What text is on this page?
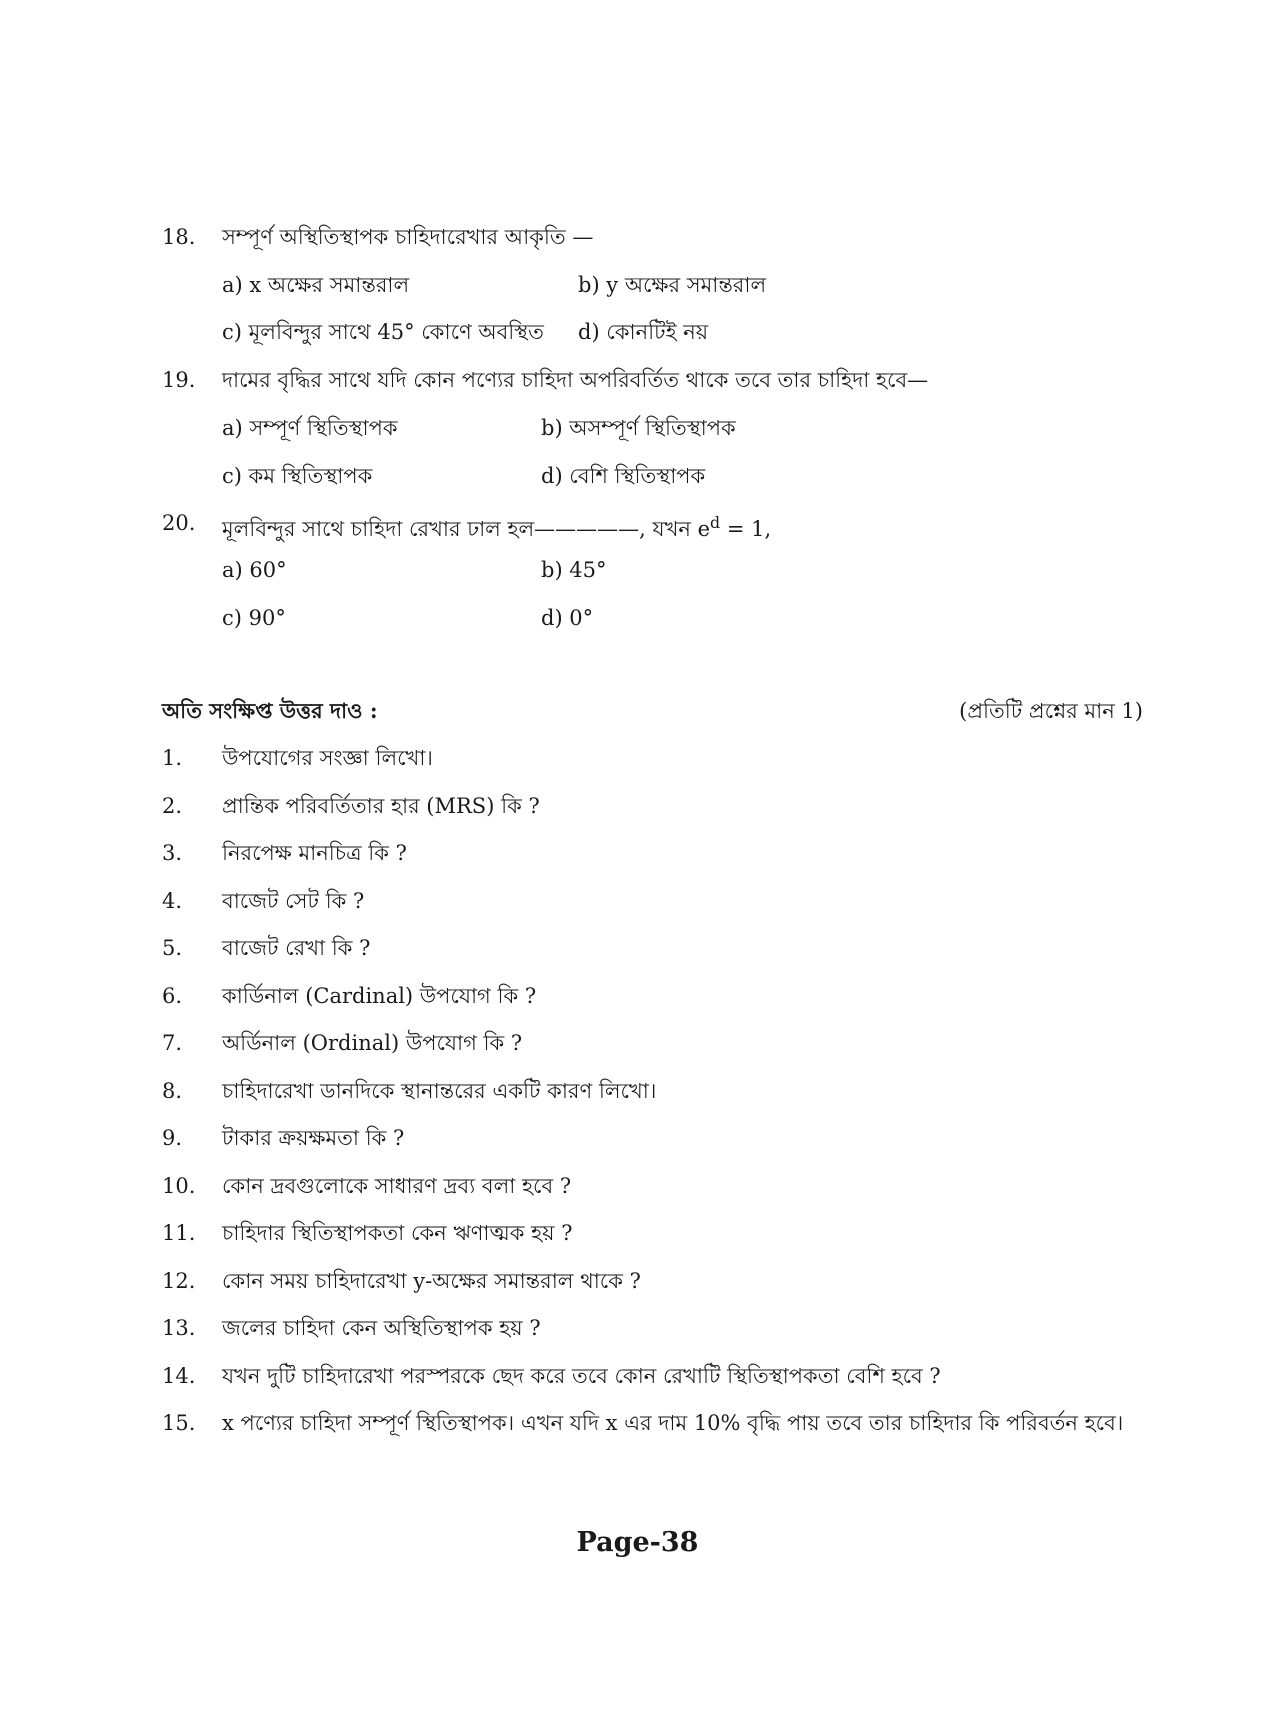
18. সম্পূর্ণ অস্থিতিস্থাপক চাহিদারেখার আকৃতি —
a) x অক্ষের সমান্তরাল	b) y অক্ষের সমান্তরাল
c) মূলবিন্দুর সাথে 45° কোণে অবস্থিত d) কোনটিই নয়
19. দামের বৃদ্ধির সাথে যদি কোন পণ্যের চাহিদা অপরিবর্তিত থাকে তবে তার চাহিদা হবে—
a) সম্পূর্ণ স্থিতিস্থাপক	b) অসম্পূর্ণ স্থিতিস্থাপক
c) কম স্থিতিস্থাপক	d) বেশি স্থিতিস্থাপক
20. মূলবিন্দুর সাথে চাহিদা রেখার ঢাল হল—————, যখন $e^d = 1$,
a) 60°	b) 45°
c) 90°	d) 0°
অতি সংক্ষিপ্ত উত্তর দাও :	(প্রতিটি প্রশ্নের মান 1)
1. উপযোগের সংজ্ঞা লিখো।
2. প্রান্তিক পরিবর্তিতার হার (MRS) কি ?
3. নিরপেক্ষ মানচিত্র কি ?
4. বাজেট সেট কি ?
5. বাজেট রেখা কি ?
6. কার্ডিনাল (Cardinal) উপযোগ কি ?
7. অর্ডিনাল (Ordinal) উপযোগ কি ?
8. চাহিদারেখা ডানদিকে স্থানান্তরের একটি কারণ লিখো।
9. টাকার ক্রয়ক্ষমতা কি ?
10. কোন দ্রবগুলোকে সাধারণ দ্রব্য বলা হবে ?
11. চাহিদার স্থিতিস্থাপকতা কেন ঋণাত্মক হয় ?
12. কোন সময় চাহিদারেখা y-অক্ষের সমান্তরাল থাকে ?
13. জলের চাহিদা কেন অস্থিতিস্থাপক হয় ?
14. যখন দুটি চাহিদারেখা পরস্পরকে ছেদ করে তবে কোন রেখাটি স্থিতিস্থাপকতা বেশি হবে ?
15. x পণ্যের চাহিদা সম্পূর্ণ স্থিতিস্থাপক। এখন যদি x এর দাম 10% বৃদ্ধি পায় তবে তার চাহিদার কি পরিবর্তন হবে।
Page-38
